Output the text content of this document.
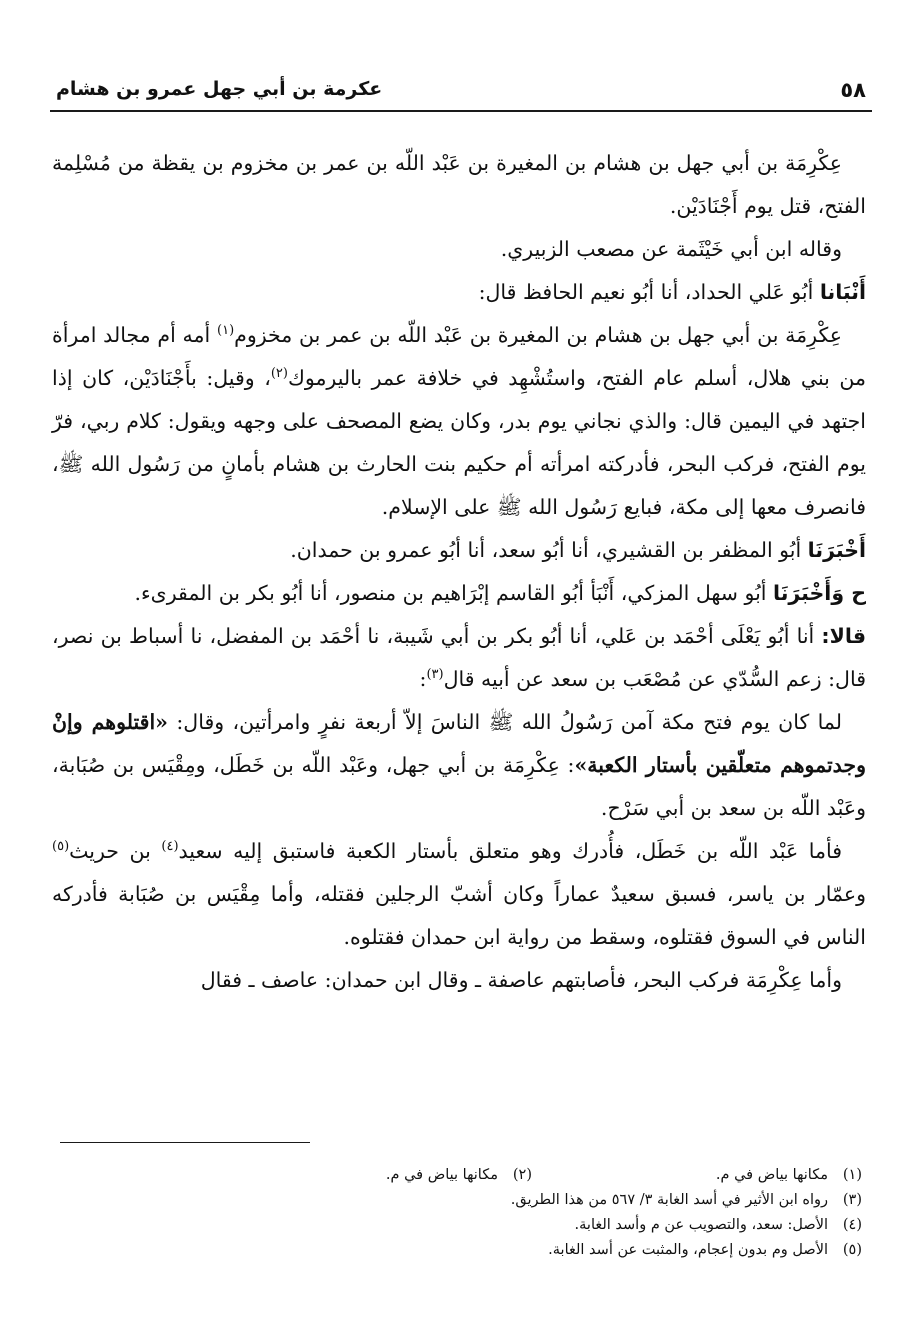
٥٨
عكرمة بن أبي جهل عمرو بن هشام

عِكْرِمَة بن أبي جهل بن هشام بن المغيرة بن عَبْد اللّه بن عمر بن مخزوم بن يقظة من مُسْلِمة الفتح، قتل يوم أَجْنَادَيْن.

وقاله ابن أبي خَيْثَمة عن مصعب الزبيري.

أَنْبَانا أبُو عَلي الحداد، أنا أبُو نعيم الحافظ قال:

عِكْرِمَة بن أبي جهل بن هشام بن المغيرة بن عَبْد اللّه بن عمر بن مخزوم$^{(١)}$ أمه أم مجالد امرأة من بني هلال، أسلم عام الفتح، واستُشْهِد في خلافة عمر باليرموك$^{(٢)}$، وقيل: بأَجْنَادَيْن، كان إذا اجتهد في اليمين قال: والذي نجاني يوم بدر، وكان يضع المصحف على وجهه ويقول: كلام ربي، فرّ يوم الفتح، فركب البحر، فأدركته امرأته أم حكيم بنت الحارث بن هشام بأمانٍ من رَسُول الله ﷺ، فانصرف معها إلى مكة، فبايع رَسُول الله ﷺ على الإسلام.

أَخْبَرَنَا أبُو المظفر بن القشيري، أنا أبُو سعد، أنا أبُو عمرو بن حمدان.

ح وَأَخْبَرَنَا أبُو سهل المزكي، أَنْبَأ أبُو القاسم إبْرَاهيم بن منصور، أنا أبُو بكر بن المقرىء.

قالا: أنا أبُو يَعْلَى أحْمَد بن عَلي، أنا أبُو بكر بن أبي شَيبة، نا أحْمَد بن المفضل، نا أسباط بن نصر، قال: زعم السُّدّي عن مُصْعَب بن سعد عن أبيه قال$^{(٣)}$:

لما كان يوم فتح مكة آمن رَسُولُ الله ﷺ الناسَ إلاّ أربعة نفرٍ وامرأتين، وقال: «اقتلوهم وإنْ وجدتموهم متعلّقين بأستار الكعبة»: عِكْرِمَة بن أبي جهل، وعَبْد اللّه بن خَطَل، ومِقْيَس بن صُبَابة، وعَبْد اللّه بن سعد بن أبي سَرْح.

فأما عَبْد اللّه بن خَطَل، فأُدرك وهو متعلق بأستار الكعبة فاستبق إليه سعيد$^{(٤)}$ بن حريث$^{(٥)}$ وعمّار بن ياسر، فسبق سعيدٌ عماراً وكان أشبّ الرجلين فقتله، وأما مِقْيَس بن صُبَابة فأدركه الناس في السوق فقتلوه، وسقط من رواية ابن حمدان فقتلوه.

وأما عِكْرِمَة فركب البحر، فأصابتهم عاصفة ـ وقال ابن حمدان: عاصف ـ فقال

(١)مكانها بياض في م.

(٢)مكانها بياض في م.

(٣)رواه ابن الأثير في أسد الغابة ٣/ ٥٦٧ من هذا الطريق.

(٤)الأصل: سعد، والتصويب عن م وأسد الغابة.

(٥)الأصل وم بدون إعجام، والمثبت عن أسد الغابة.
